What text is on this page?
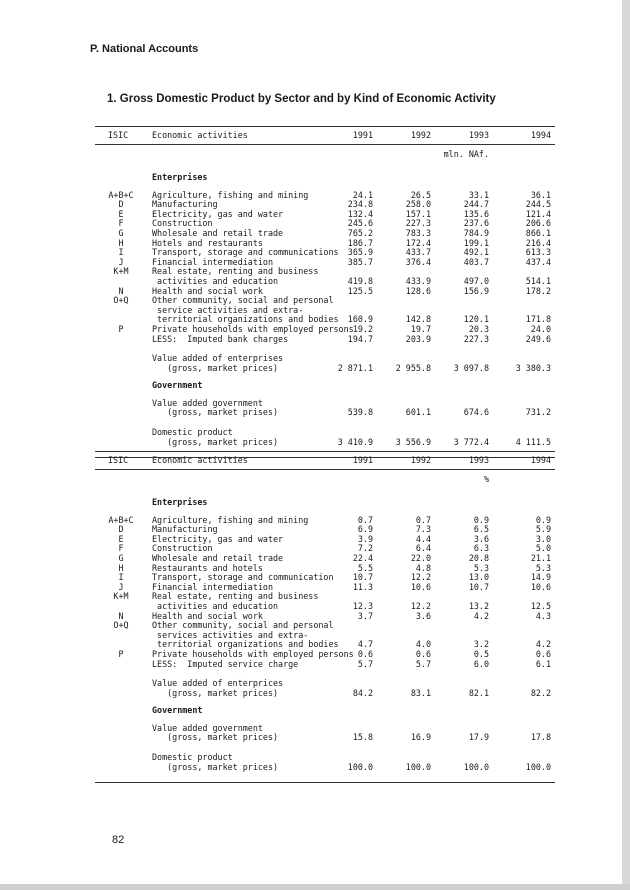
P. National Accounts
1. Gross Domestic Product by Sector and by Kind of Economic Activity
ISIC	Economic activities	1991	1992	1993	1994
mln. NAf.
Enterprises
A+B+C	Agriculture, fishing and mining	24.1	26.5	33.1	36.1
D	Manufacturing	234.8	258.0	244.7	244.5
E	Electricity, gas and water	132.4	157.1	135.6	121.4
F	Construction	245.6	227.3	237.6	206.6
G	Wholesale and retail trade	765.2	783.3	784.9	866.1
H	Hotels and restaurants	186.7	172.4	199.1	216.4
I	Transport, storage and communications	365.9	433.7	492.1	613.3
J	Financial intermediation	385.7	376.4	403.7	437.4
K+M	Real estate, renting and business
activities and education	419.8	433.9	497.0	514.1
N	Health and social work	125.5	128.6	156.9	178.2
O+Q	Other community, social and personal
service activities and extra-
territorial organizations and bodies	160.9	142.8	120.1	171.8
P	Private households with employed persons 19.2	19.7	20.3	24.0
LESS:  Imputed bank charges	194.7	203.9	227.3	249.6
Value added of enterprises
(gross, market prices)	2 871.1	2 955.8	3 097.8	3 380.3
Government
Value added government
(gross, market prises)	539.8	601.1	674.6	731.2
Domestic product
(gross, market prices)	3 410.9	3 556.9	3 772.4	4 111.5
ISIC	Economic activities	1991	1992	1993	1994
%
Enterprises
A+B+C	Agriculture, fishing and mining	0.7	0.7	0.9	0.9
D	Manufacturing	6.9	7.3	6.5	5.9
E	Electricity, gas and water	3.9	4.4	3.6	3.0
F	Construction	7.2	6.4	6.3	5.0
G	Wholesale and retail trade	22.4	22.0	20.8	21.1
H	Restaurants and hotels	5.5	4.8	5.3	5.3
I	Transport, storage and communication	10.7	12.2	13.0	14.9
J	Financial intermediation	11.3	10.6	10.7	10.6
K+M	Real estate, renting and business
activities and education	12.3	12.2	13.2	12.5
N	Health and social work	3.7	3.6	4.2	4.3
O+Q	Other community, social and personal
services activities and extra-
territorial organizations and bodies	4.7	4.0	3.2	4.2
P	Private households with employed persons 0.6	0.6	0.5	0.6
LESS:  Imputed service charge	5.7	5.7	6.0	6.1
Value added of enterprices
(gross, market prices)	84.2	83.1	82.1	82.2
Government
Value added government
(gross, market prices)	15.8	16.9	17.9	17.8
Domestic product
(gross, market prices)	100.0	100.0	100.0	100.0
82
